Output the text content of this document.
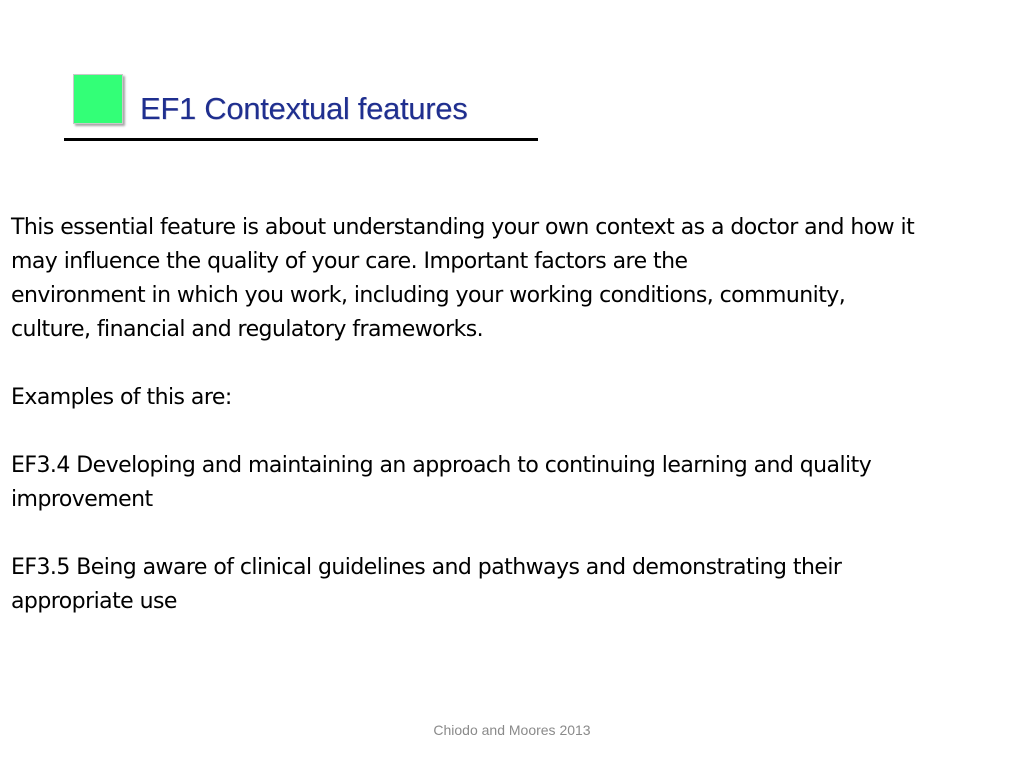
EF1 Contextual features

This essential feature is about understanding your own context as a doctor and how it
may influence the quality of your care. Important factors are the
environment in which you work, including your working conditions, community,
culture, financial and regulatory frameworks.

Examples of this are:

EF3.4 Developing and maintaining an approach to continuing learning and quality
improvement

EF3.5 Being aware of clinical guidelines and pathways and demonstrating their
appropriate use

Chiodo and Moores 2013
